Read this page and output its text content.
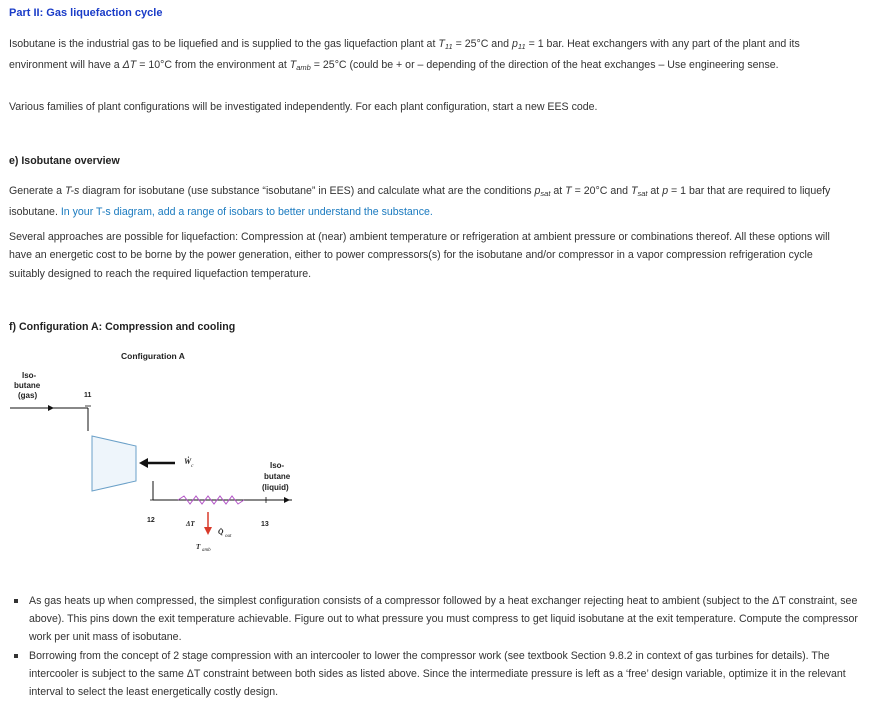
Part II: Gas liquefaction cycle
Isobutane is the industrial gas to be liquefied and is supplied to the gas liquefaction plant at $T_{11} = 25^\circ C$ and $p_{11} = 1$ bar. Heat exchangers with any part of the plant and its environment will have a ΔT = 10°C from the environment at $T_{amb} = 25^\circ C$ (could be + or – depending of the direction of the heat exchanges – Use engineering sense.
Various families of plant configurations will be investigated independently. For each plant configuration, start a new EES code.
e) Isobutane overview
Generate a T-s diagram for isobutane (use substance “isobutane” in EES) and calculate what are the conditions $p_{sat}$ at T = 20°C and $T_{sat}$ at p = 1 bar that are required to liquefy isobutane. In your T-s diagram, add a range of isobars to better understand the substance.
Several approaches are possible for liquefaction: Compression at (near) ambient temperature or refrigeration at ambient pressure or combinations thereof. All these options will have an energetic cost to be borne by the power generation, either to power compressors(s) for the isobutane and/or compressor in a vapor compression refrigeration cycle suitably designed to reach the required liquefaction temperature.
f) Configuration A: Compression and cooling
Configuration A
Iso-
butane
(gas)	11
Ẇ c
12
13
Iso-
butane
(liquid)
ΔT
Q̇
out
T amb
As gas heats up when compressed, the simplest configuration consists of a compressor followed by a heat exchanger rejecting heat to ambient (subject to the ΔT constraint, see above). This pins down the exit temperature achievable. Figure out to what pressure you must compress to get liquid isobutane at the exit temperature. Compute the compressor work per unit mass of isobutane.
Borrowing from the concept of 2 stage compression with an intercooler to lower the compressor work (see textbook Section 9.8.2 in context of gas turbines for details). The intercooler is subject to the same ΔT constraint between both sides as listed above. Since the intermediate pressure is left as a ‘free’ design variable, optimize it in the relevant interval to select the least energetically costly design.
